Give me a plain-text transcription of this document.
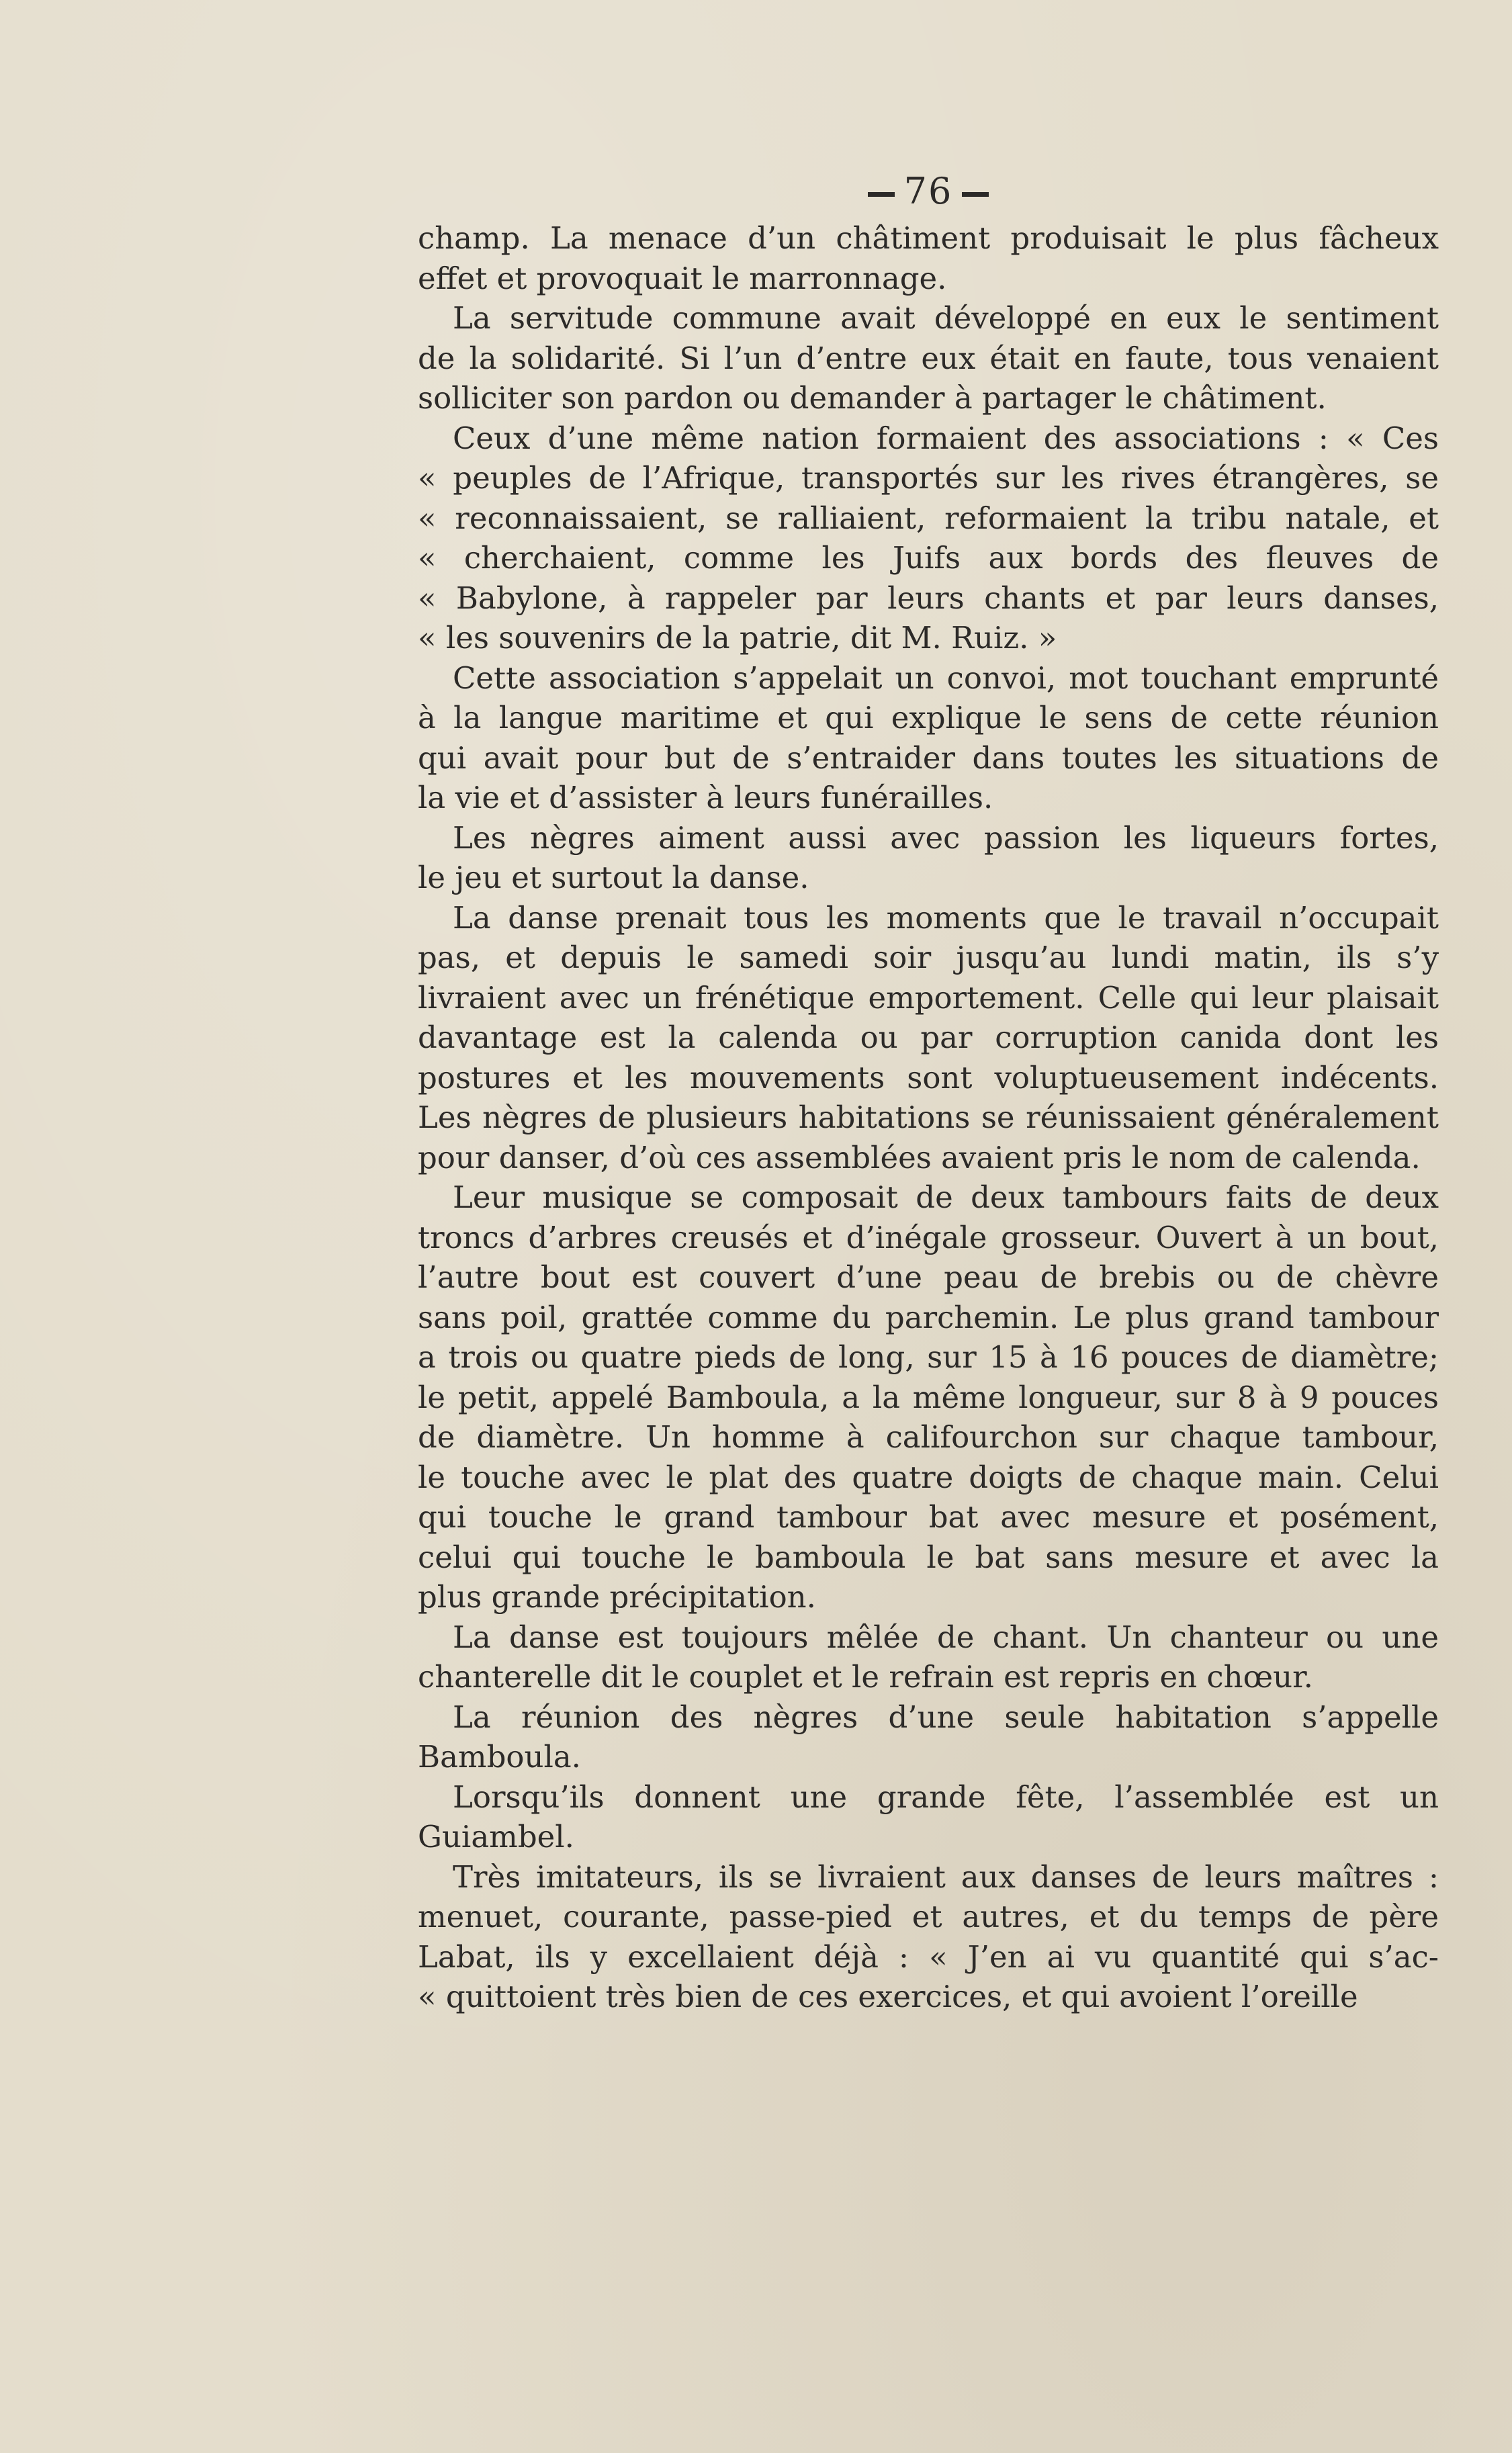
76
champ. La menace d’un châtiment produisait le plus fâcheux
effet et provoquait le marronnage.
La servitude commune avait développé en eux le sentiment
de la solidarité. Si l’un d’entre eux était en faute, tous venaient
solliciter son pardon ou demander à partager le châtiment.
Ceux d’une même nation formaient des associations : « Ces
« peuples de l’Afrique, transportés sur les rives étrangères, se
« reconnaissaient, se ralliaient, reformaient la tribu natale, et
« cherchaient, comme les Juifs aux bords des fleuves de
« Babylone, à rappeler par leurs chants et par leurs danses,
« les souvenirs de la patrie, dit M. Ruiz. »
Cette association s’appelait un convoi, mot touchant emprunté
à la langue maritime et qui explique le sens de cette réunion
qui avait pour but de s’entraider dans toutes les situations de
la vie et d’assister à leurs funérailles.
Les nègres aiment aussi avec passion les liqueurs fortes,
le jeu et surtout la danse.
La danse prenait tous les moments que le travail n’occupait
pas, et depuis le samedi soir jusqu’au lundi matin, ils s’y
livraient avec un frénétique emportement. Celle qui leur plaisait
davantage est la calenda ou par corruption canida dont les
postures et les mouvements sont voluptueusement indécents.
Les nègres de plusieurs habitations se réunissaient généralement
pour danser, d’où ces assemblées avaient pris le nom de calenda.
Leur musique se composait de deux tambours faits de deux
troncs d’arbres creusés et d’inégale grosseur. Ouvert à un bout,
l’autre bout est couvert d’une peau de brebis ou de chèvre
sans poil, grattée comme du parchemin. Le plus grand tambour
a trois ou quatre pieds de long, sur 15 à 16 pouces de diamètre;
le petit, appelé Bamboula, a la même longueur, sur 8 à 9 pouces
de diamètre. Un homme à califourchon sur chaque tambour,
le touche avec le plat des quatre doigts de chaque main. Celui
qui touche le grand tambour bat avec mesure et posément,
celui qui touche le bamboula le bat sans mesure et avec la
plus grande précipitation.
La danse est toujours mêlée de chant. Un chanteur ou une
chanterelle dit le couplet et le refrain est repris en chœur.
La réunion des nègres d’une seule habitation s’appelle
Bamboula.
Lorsqu’ils donnent une grande fête, l’assemblée est un
Guiambel.
Très imitateurs, ils se livraient aux danses de leurs maîtres :
menuet, courante, passe-pied et autres, et du temps de père
Labat, ils y excellaient déjà : « J’en ai vu quantité qui s’ac-
« quittoient très bien de ces exercices, et qui avoient l’oreille
